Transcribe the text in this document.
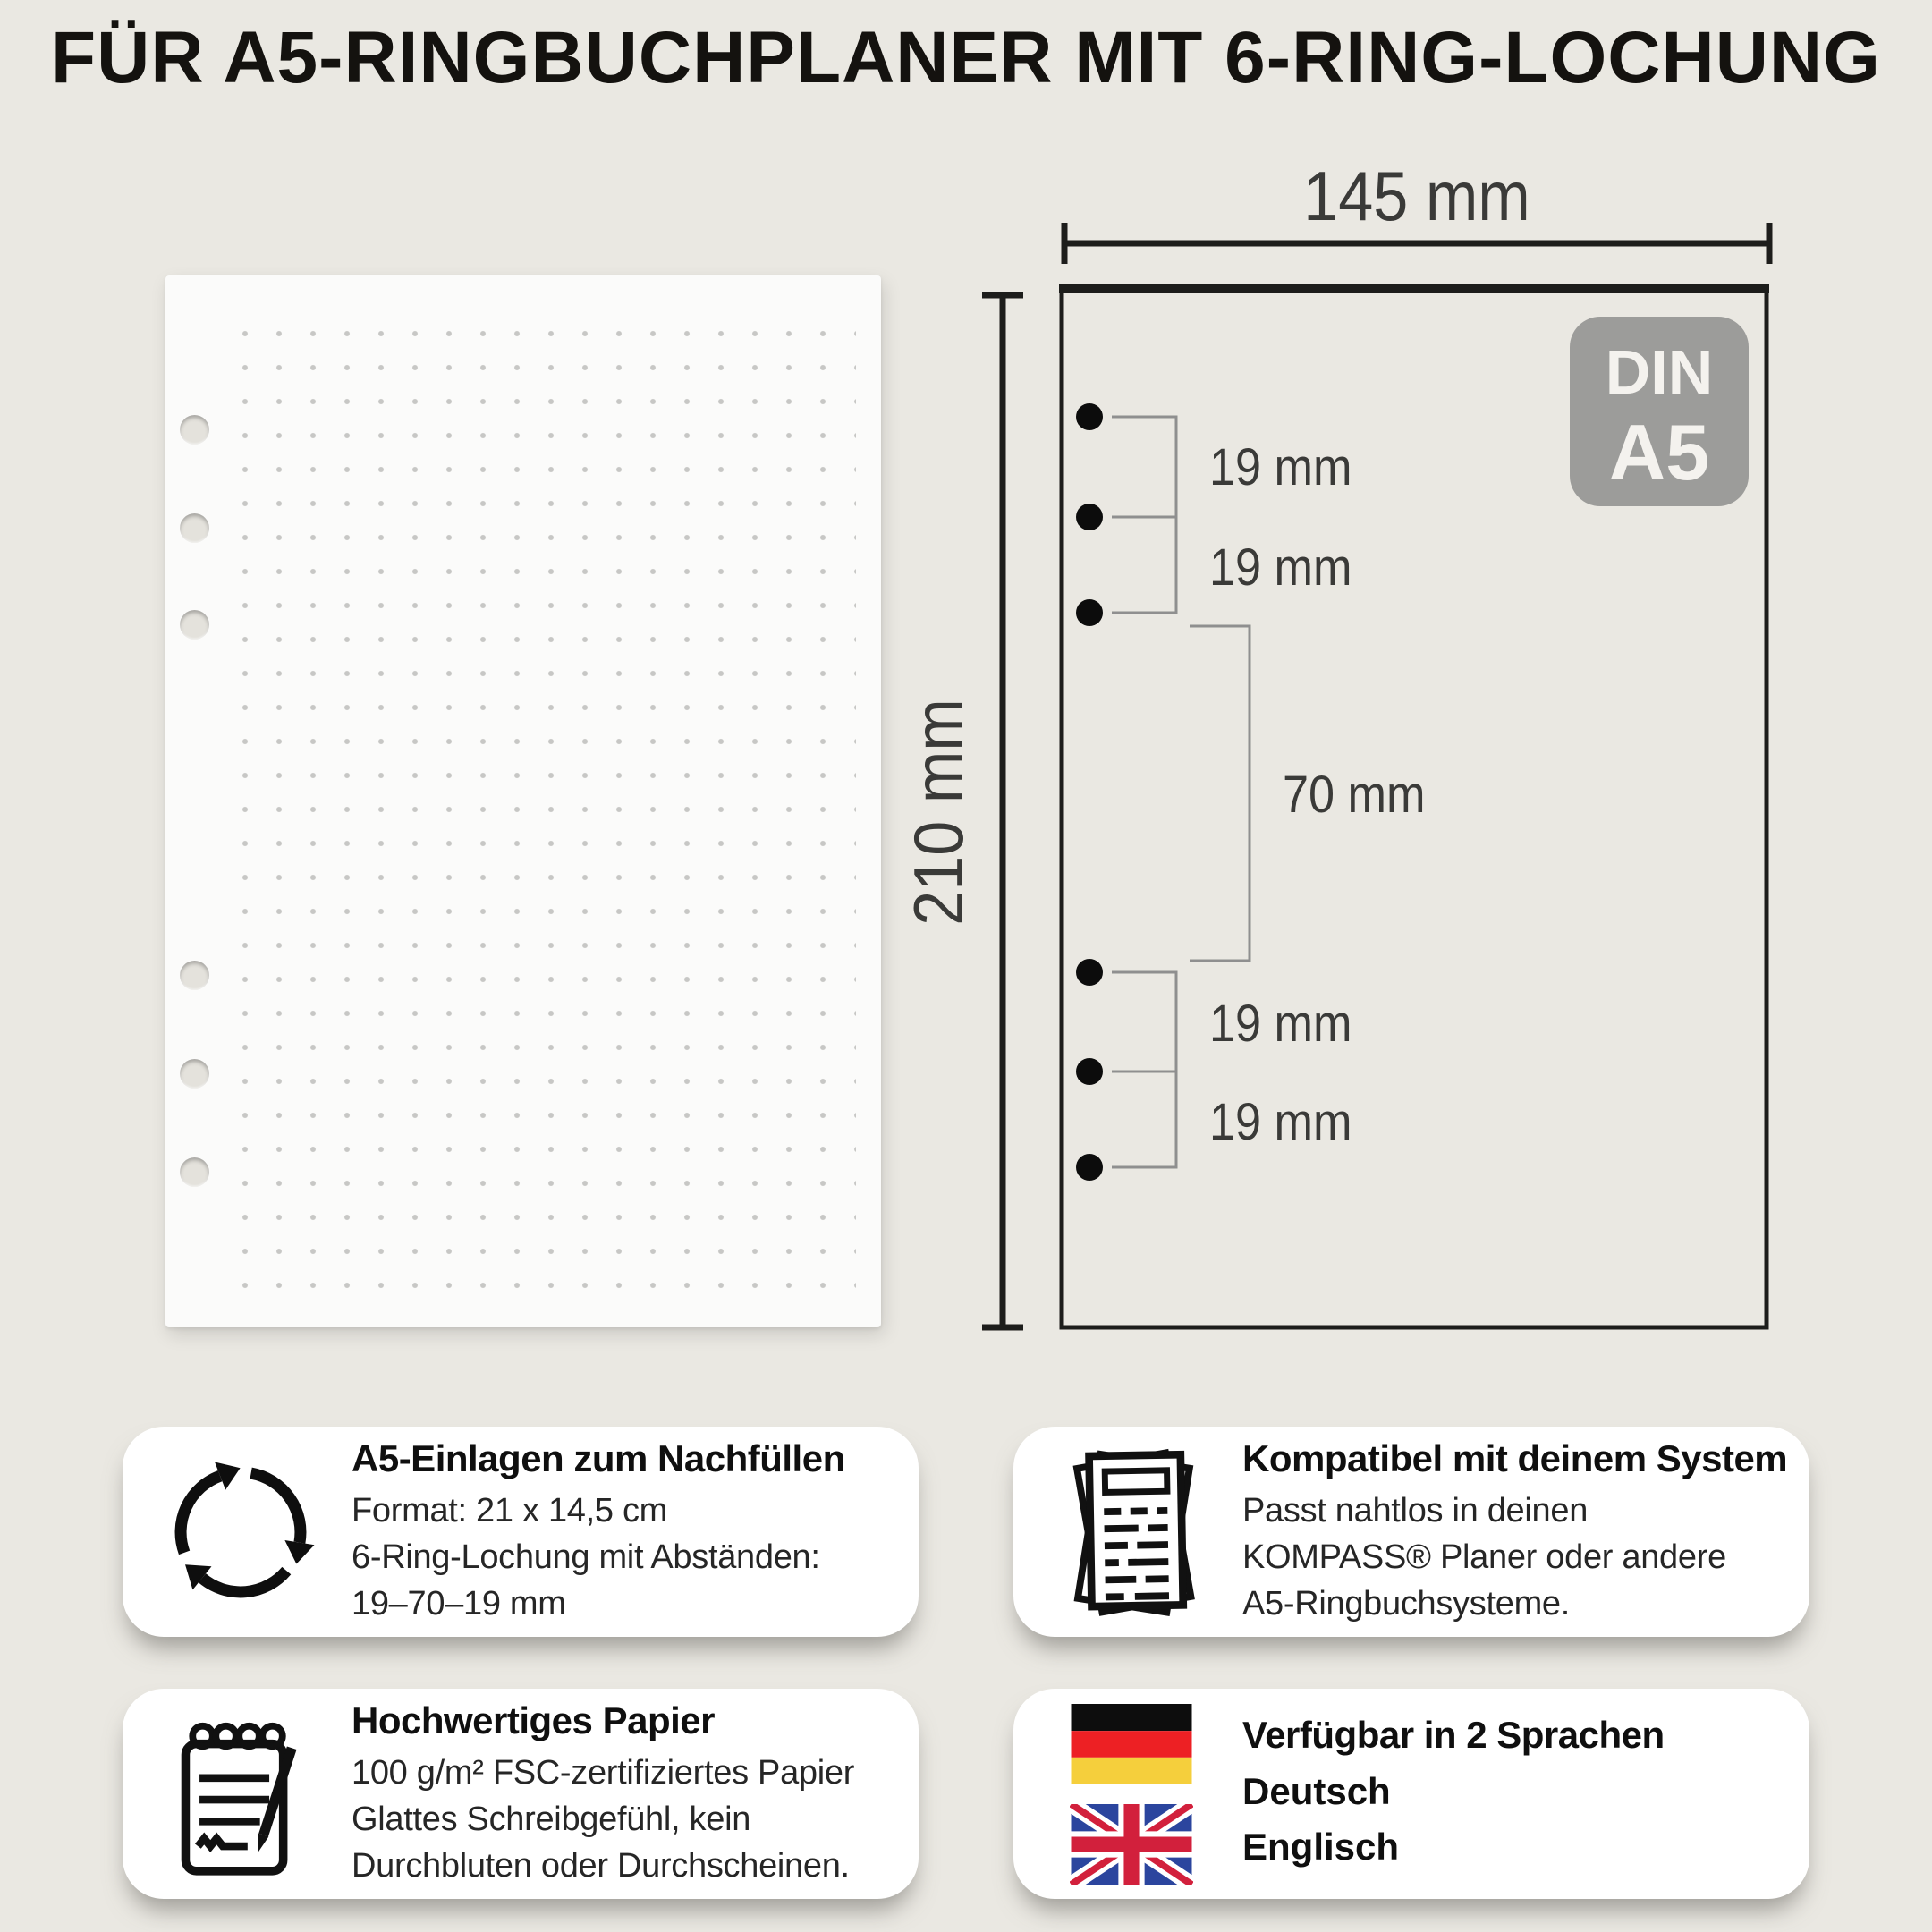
FÜR A5-RINGBUCHPLANER MIT 6-RING-LOCHUNG
145 mm
210 mm
DIN
A5
19 mm
19 mm
70 mm
19 mm
19 mm
A5-Einlagen zum Nachfüllen
Format: 21 x 14,5 cm
6-Ring-Lochung mit Abständen:
19–70–19 mm
Kompatibel mit deinem System
Passt nahtlos in deinen
KOMPASS® Planer oder andere
A5-Ringbuchsysteme.
Hochwertiges Papier
100 g/m² FSC-zertifiziertes Papier
Glattes Schreibgefühl, kein
Durchbluten oder Durchscheinen.
Verfügbar in 2 Sprachen
Deutsch
Englisch
